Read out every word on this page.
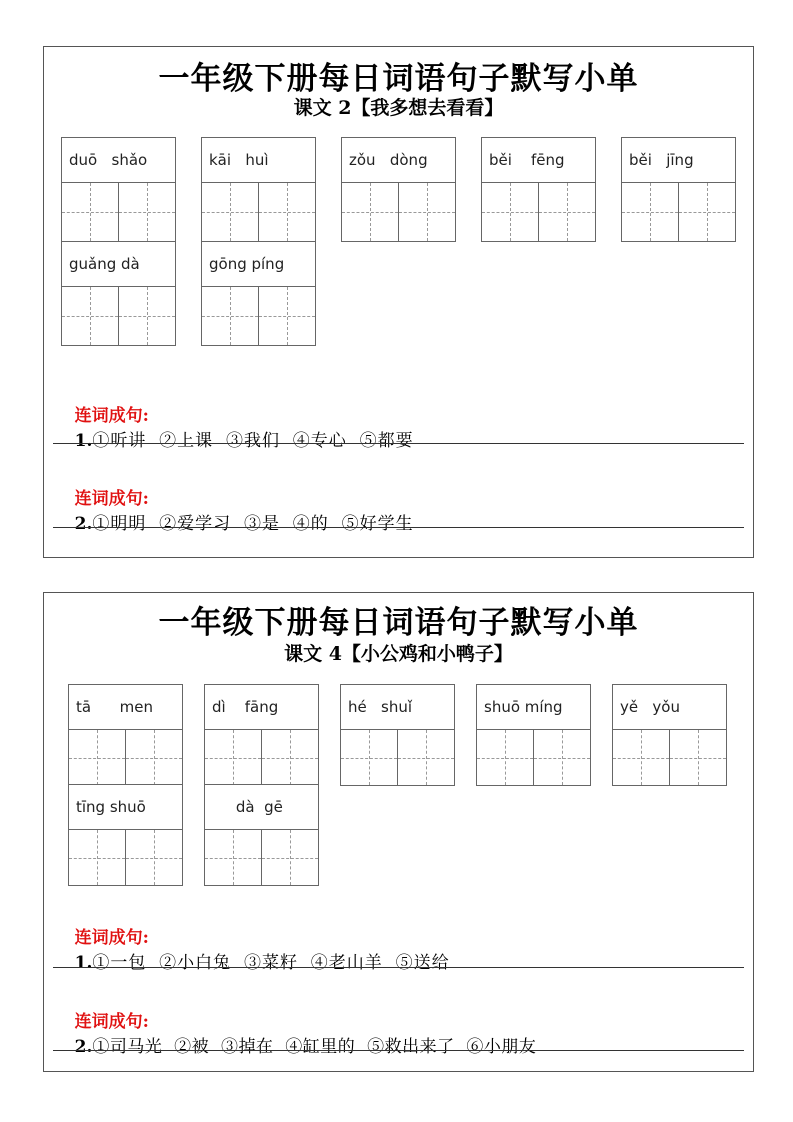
一年级下册每日词语句子默写小单
课文 2【我多想去看看】
duō   shǎo	kāi   huì	zǒu   dòng	běi    fēng	běi   jīng
guǎng dà	gōng píng

连词成句:
1.①听讲  ②上课  ③我们  ④专心  ⑤都要

连词成句:
2.①明明  ②爱学习  ③是  ④的  ⑤好学生

一年级下册每日词语句子默写小单
课文 4【小公鸡和小鸭子】
tā      men	dì    fāng	hé   shuǐ	shuō míng	yě   yǒu
tīng shuō	dà  gē

连词成句:
1.①一包  ②小白兔  ③菜籽  ④老山羊  ⑤送给

连词成句:
2.①司马光  ②被  ③掉在  ④缸里的  ⑤救出来了  ⑥小朋友
